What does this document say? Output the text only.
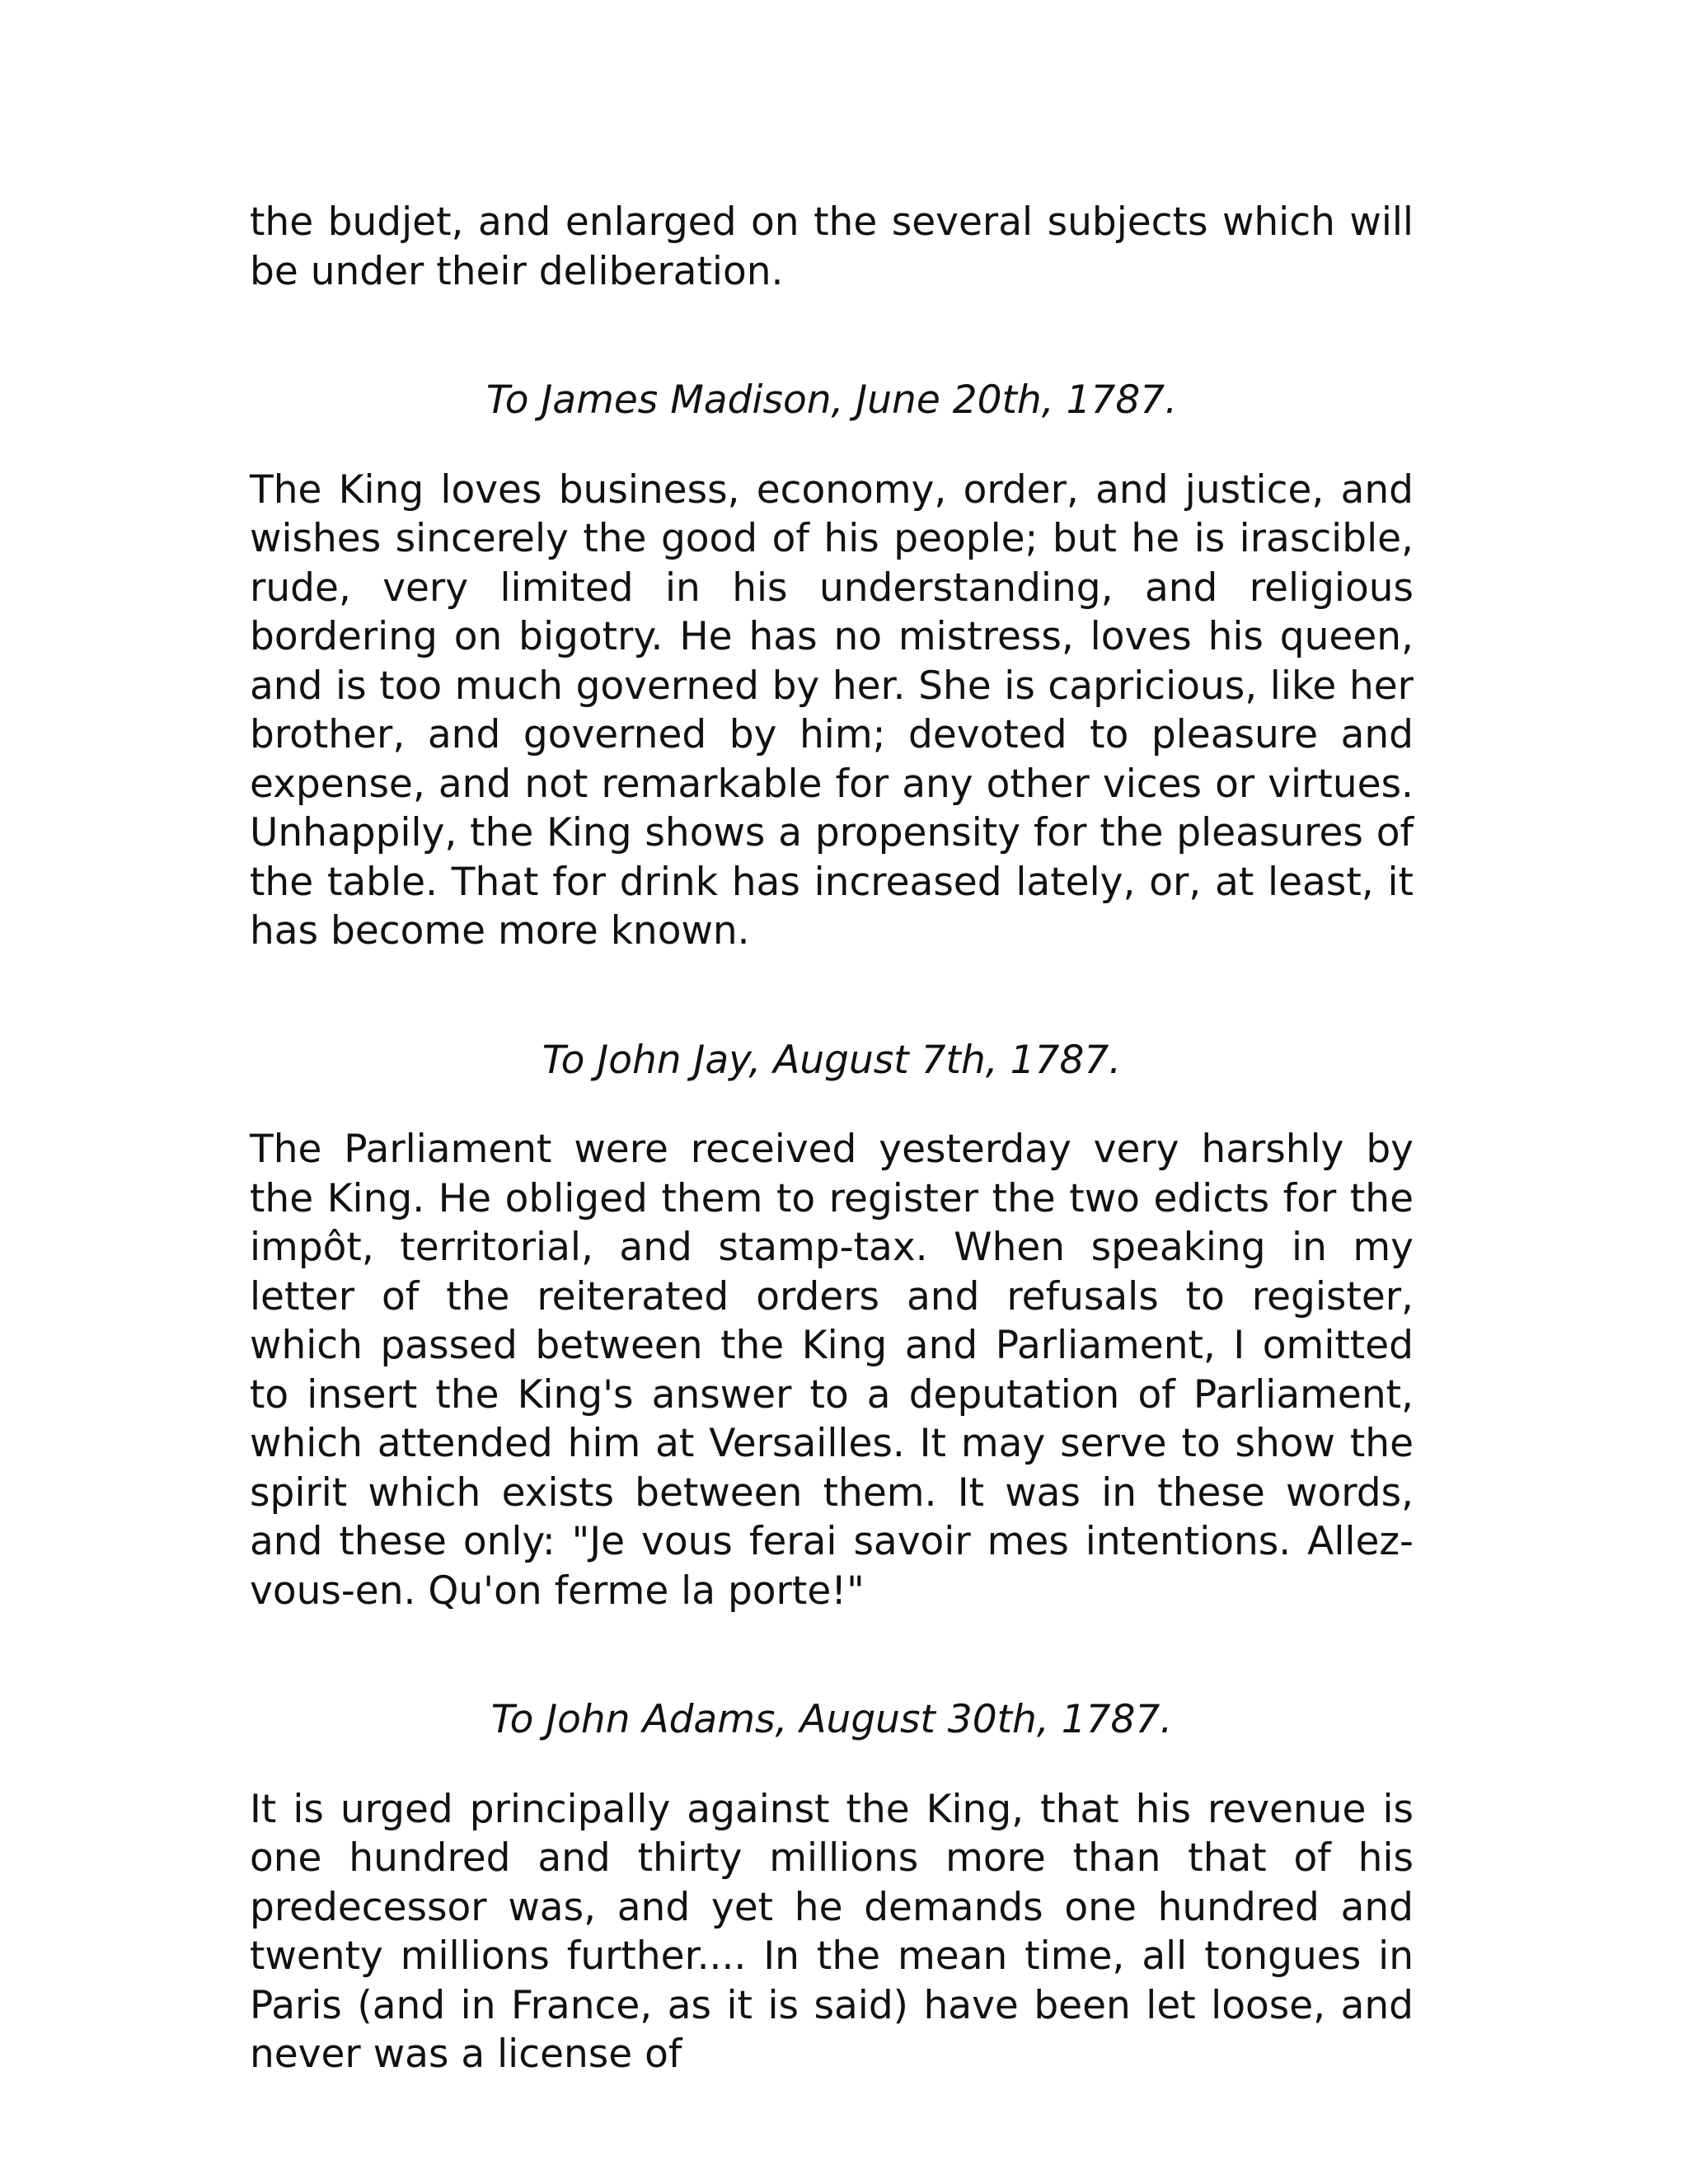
the budjet, and enlarged on the several subjects which will be under their deliberation.

To James Madison, June 20th, 1787.

The King loves business, economy, order, and justice, and wishes sincerely the good of his people; but he is irascible, rude, very limited in his understanding, and religious bordering on bigotry. He has no mistress, loves his queen, and is too much governed by her. She is capricious, like her brother, and governed by him; devoted to pleasure and expense, and not remarkable for any other vices or virtues. Unhappily, the King shows a propensity for the pleasures of the table. That for drink has increased lately, or, at least, it has become more known.

To John Jay, August 7th, 1787.

The Parliament were received yesterday very harshly by the King. He obliged them to register the two edicts for the impôt, territorial, and stamp-tax. When speaking in my letter of the reiterated orders and refusals to register, which passed between the King and Parliament, I omitted to insert the King's answer to a deputation of Parliament, which attended him at Versailles. It may serve to show the spirit which exists between them. It was in these words, and these only: "Je vous ferai savoir mes intentions. Allez-vous-en. Qu'on ferme la porte!"

To John Adams, August 30th, 1787.

It is urged principally against the King, that his revenue is one hundred and thirty millions more than that of his predecessor was, and yet he demands one hundred and twenty millions further.... In the mean time, all tongues in Paris (and in France, as it is said) have been let loose, and never was a license of
